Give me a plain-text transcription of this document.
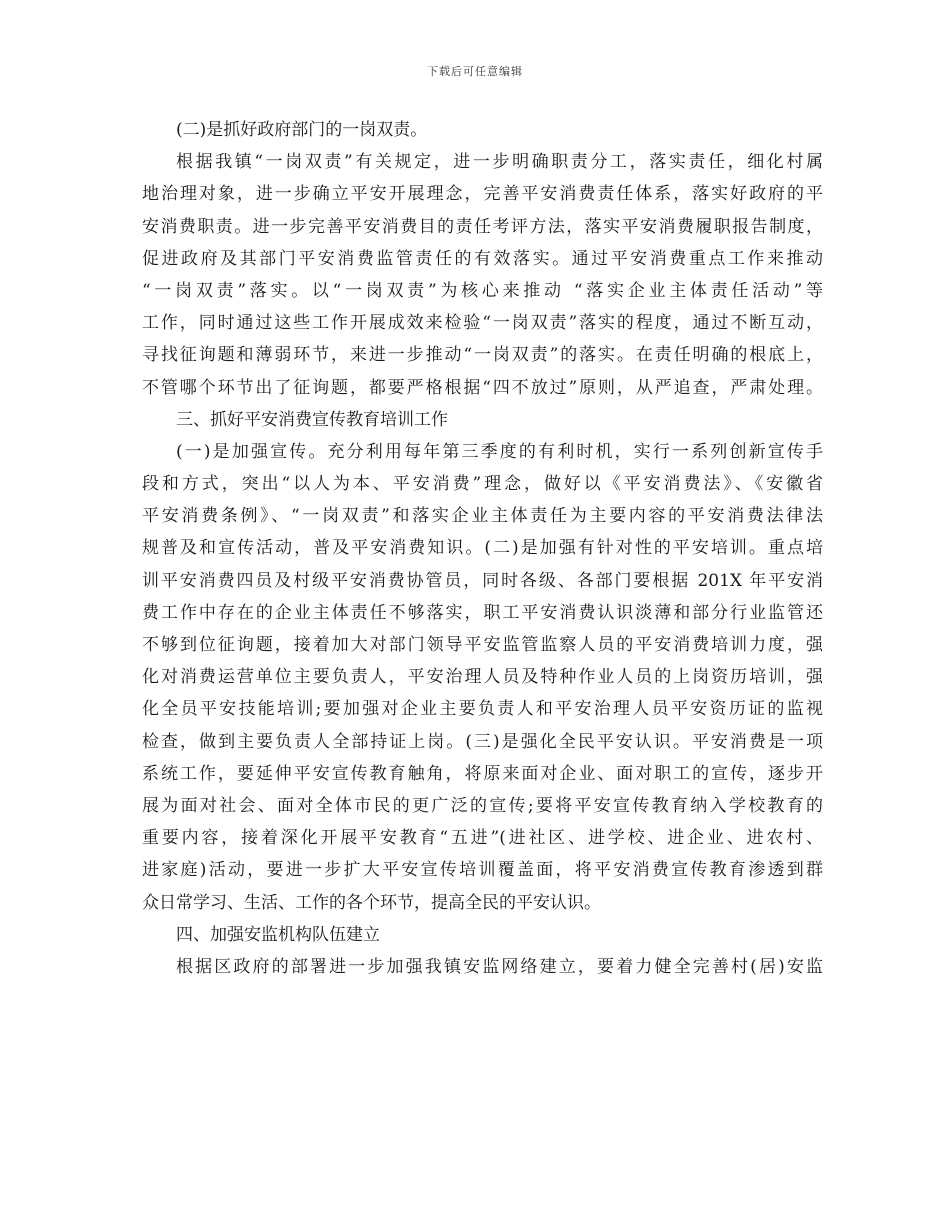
下载后可任意编辑
(二)是抓好政府部门的一岗双责。
根据我镇“一岗双责”有关规定，进一步明确职责分工，落实责任，细化村属
地治理对象，进一步确立平安开展理念，完善平安消费责任体系，落实好政府的平
安消费职责。进一步完善平安消费目的责任考评方法，落实平安消费履职报告制度，
促进政府及其部门平安消费监管责任的有效落实。通过平安消费重点工作来推动
“一岗双责”落实。以“一岗双责”为核心来推动 “落实企业主体责任活动”等
工作，同时通过这些工作开展成效来检验“一岗双责”落实的程度，通过不断互动，
寻找征询题和薄弱环节，来进一步推动“一岗双责”的落实。在责任明确的根底上，
不管哪个环节出了征询题，都要严格根据“四不放过”原则，从严追查，严肃处理。
三、抓好平安消费宣传教育培训工作
(一)是加强宣传。充分利用每年第三季度的有利时机，实行一系列创新宣传手
段和方式，突出“以人为本、平安消费”理念，做好以《平安消费法》、《安徽省
平安消费条例》、“一岗双责”和落实企业主体责任为主要内容的平安消费法律法
规普及和宣传活动，普及平安消费知识。(二)是加强有针对性的平安培训。重点培
训平安消费四员及村级平安消费协管员，同时各级、各部门要根据 201X 年平安消
费工作中存在的企业主体责任不够落实，职工平安消费认识淡薄和部分行业监管还
不够到位征询题，接着加大对部门领导平安监管监察人员的平安消费培训力度，强
化对消费运营单位主要负责人，平安治理人员及特种作业人员的上岗资历培训，强
化全员平安技能培训;要加强对企业主要负责人和平安治理人员平安资历证的监视
检查，做到主要负责人全部持证上岗。(三)是强化全民平安认识。平安消费是一项
系统工作，要延伸平安宣传教育触角，将原来面对企业、面对职工的宣传，逐步开
展为面对社会、面对全体市民的更广泛的宣传;要将平安宣传教育纳入学校教育的
重要内容，接着深化开展平安教育“五进”(进社区、进学校、进企业、进农村、
进家庭)活动，要进一步扩大平安宣传培训覆盖面，将平安消费宣传教育渗透到群
众日常学习、生活、工作的各个环节，提高全民的平安认识。
四、加强安监机构队伍建立
根据区政府的部署进一步加强我镇安监网络建立，要着力健全完善村(居)安监
